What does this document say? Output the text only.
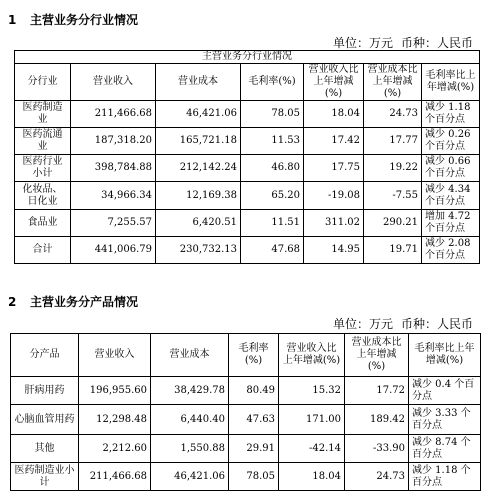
1 主营业务分行业情况
单位：万元 币种：人民币
主营业务分行业情况						
分行业	营业收入	营业成本	毛利率(%)	营业收入比上年增减(%)	营业成本比上年增减(%)	毛利率比上年增减(%)
医药制造业	211,466.68	46,421.06	78.05	18.04	24.73	减少 1.18 个百分点
医药流通业	187,318.20	165,721.18	11.53	17.42	17.77	减少 0.26 个百分点
医药行业小计	398,784.88	212,142.24	46.80	17.75	19.22	减少 0.66 个百分点
化妆品、日化业	34,966.34	12,169.38	65.20	-19.08	-7.55	减少 4.34 个百分点
食品业	7,255.57	6,420.51	11.51	311.02	290.21	增加 4.72 个百分点
合计	441,006.79	230,732.13	47.68	14.95	19.71	减少 2.08 个百分点
2 主营业务分产品情况
单位：万元 币种：人民币
分产品	营业收入	营业成本	毛利率(%)	营业收入比上年增减(%)	营业成本比上年增减(%)	毛利率比上年增减(%)
肝病用药	196,955.60	38,429.78	80.49	15.32	17.72	减少 0.4 个百分点
心脑血管用药	12,298.48	6,440.40	47.63	171.00	189.42	减少 3.33 个百分点
其他	2,212.60	1,550.88	29.91	-42.14	-33.90	减少 8.74 个百分点
医药制造业小计	211,466.68	46,421.06	78.05	18.04	24.73	减少 1.18 个百分点
